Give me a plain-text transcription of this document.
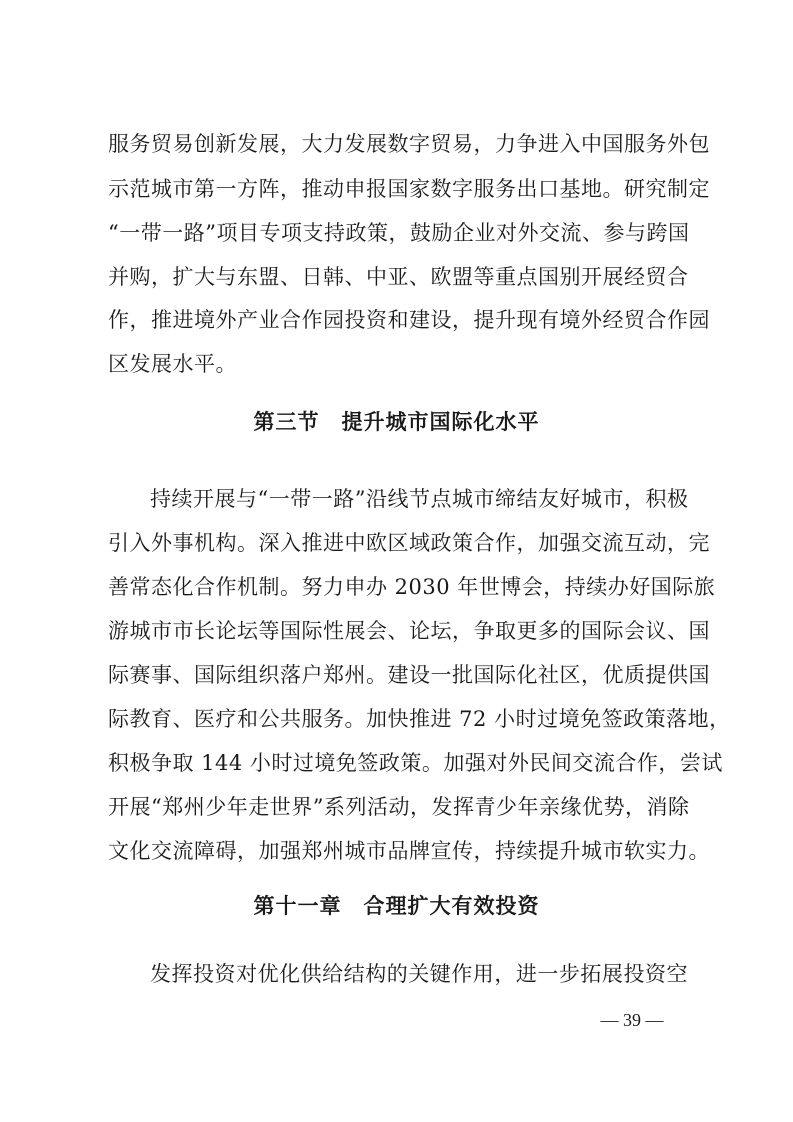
服务贸易创新发展，大力发展数字贸易，力争进入中国服务外包
示范城市第一方阵，推动申报国家数字服务出口基地。研究制定
“一带一路”项目专项支持政策，鼓励企业对外交流、参与跨国
并购，扩大与东盟、日韩、中亚、欧盟等重点国别开展经贸合
作，推进境外产业合作园投资和建设，提升现有境外经贸合作园
区发展水平。
第三节　提升城市国际化水平
持续开展与“一带一路”沿线节点城市缔结友好城市，积极
引入外事机构。深入推进中欧区域政策合作，加强交流互动，完
善常态化合作机制。努力申办 2030 年世博会，持续办好国际旅
游城市市长论坛等国际性展会、论坛，争取更多的国际会议、国
际赛事、国际组织落户郑州。建设一批国际化社区，优质提供国
际教育、医疗和公共服务。加快推进 72 小时过境免签政策落地，
积极争取 144 小时过境免签政策。加强对外民间交流合作，尝试
开展“郑州少年走世界”系列活动，发挥青少年亲缘优势，消除
文化交流障碍，加强郑州城市品牌宣传，持续提升城市软实力。
第十一章　合理扩大有效投资
发挥投资对优化供给结构的关键作用，进一步拓展投资空
— 39 —
